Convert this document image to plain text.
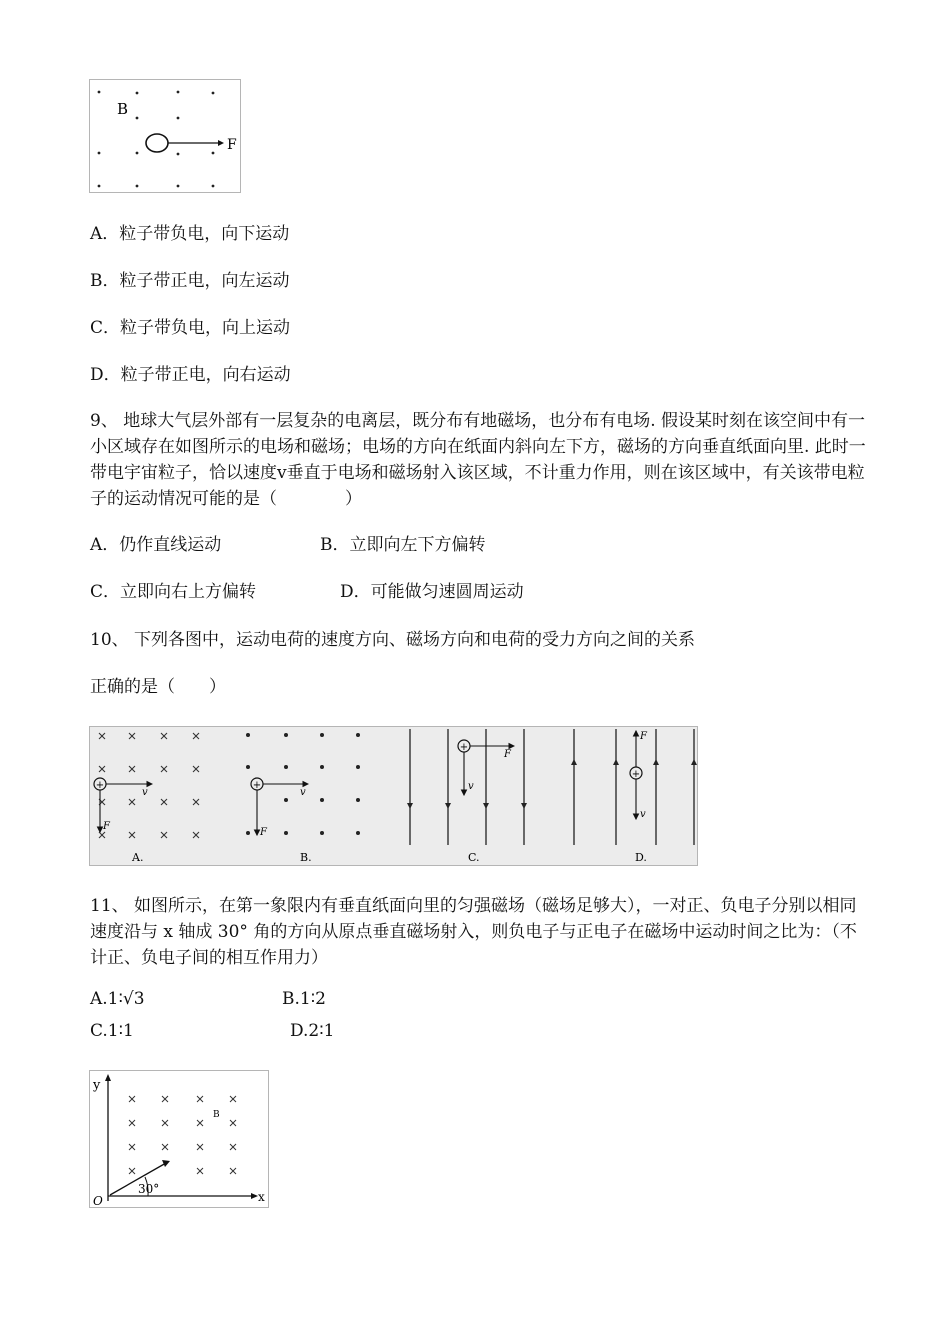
B
F
A．粒子带负电，向下运动
B．粒子带正电，向左运动
C．粒子带负电，向上运动
D．粒子带正电，向右运动
9、 地球大气层外部有一层复杂的电离层，既分布有地磁场，也分布有电场. 假设某时刻在该空间中有一小区域存在如图所示的电场和磁场；电场的方向在纸面内斜向左下方，磁场的方向垂直纸面向里. 此时一带电宇宙粒子，恰以速度v垂直于电场和磁场射入该区域，不计重力作用，则在该区域中，有关该带电粒子的运动情况可能的是（　　　　）
A．仍作直线运动	B．立即向左下方偏转
C．立即向右上方偏转	D．可能做匀速圆周运动
10、 下列各图中，运动电荷的速度方向、磁场方向和电荷的受力方向之间的关系
正确的是（　　）
+
v
F
A.
+
v
F
B.
+
F
v
C.
+
F
v
D.
11、 如图所示，在第一象限内有垂直纸面向里的匀强磁场（磁场足够大），一对正、负电子分别以相同速度沿与 x 轴成 30° 角的方向从原点垂直磁场射入，则负电子与正电子在磁场中运动时间之比为：（不计正、负电子间的相互作用力）
A.1∶√3	B.1∶2
C.1∶1	D.2∶1
y
x
O
B
30°
